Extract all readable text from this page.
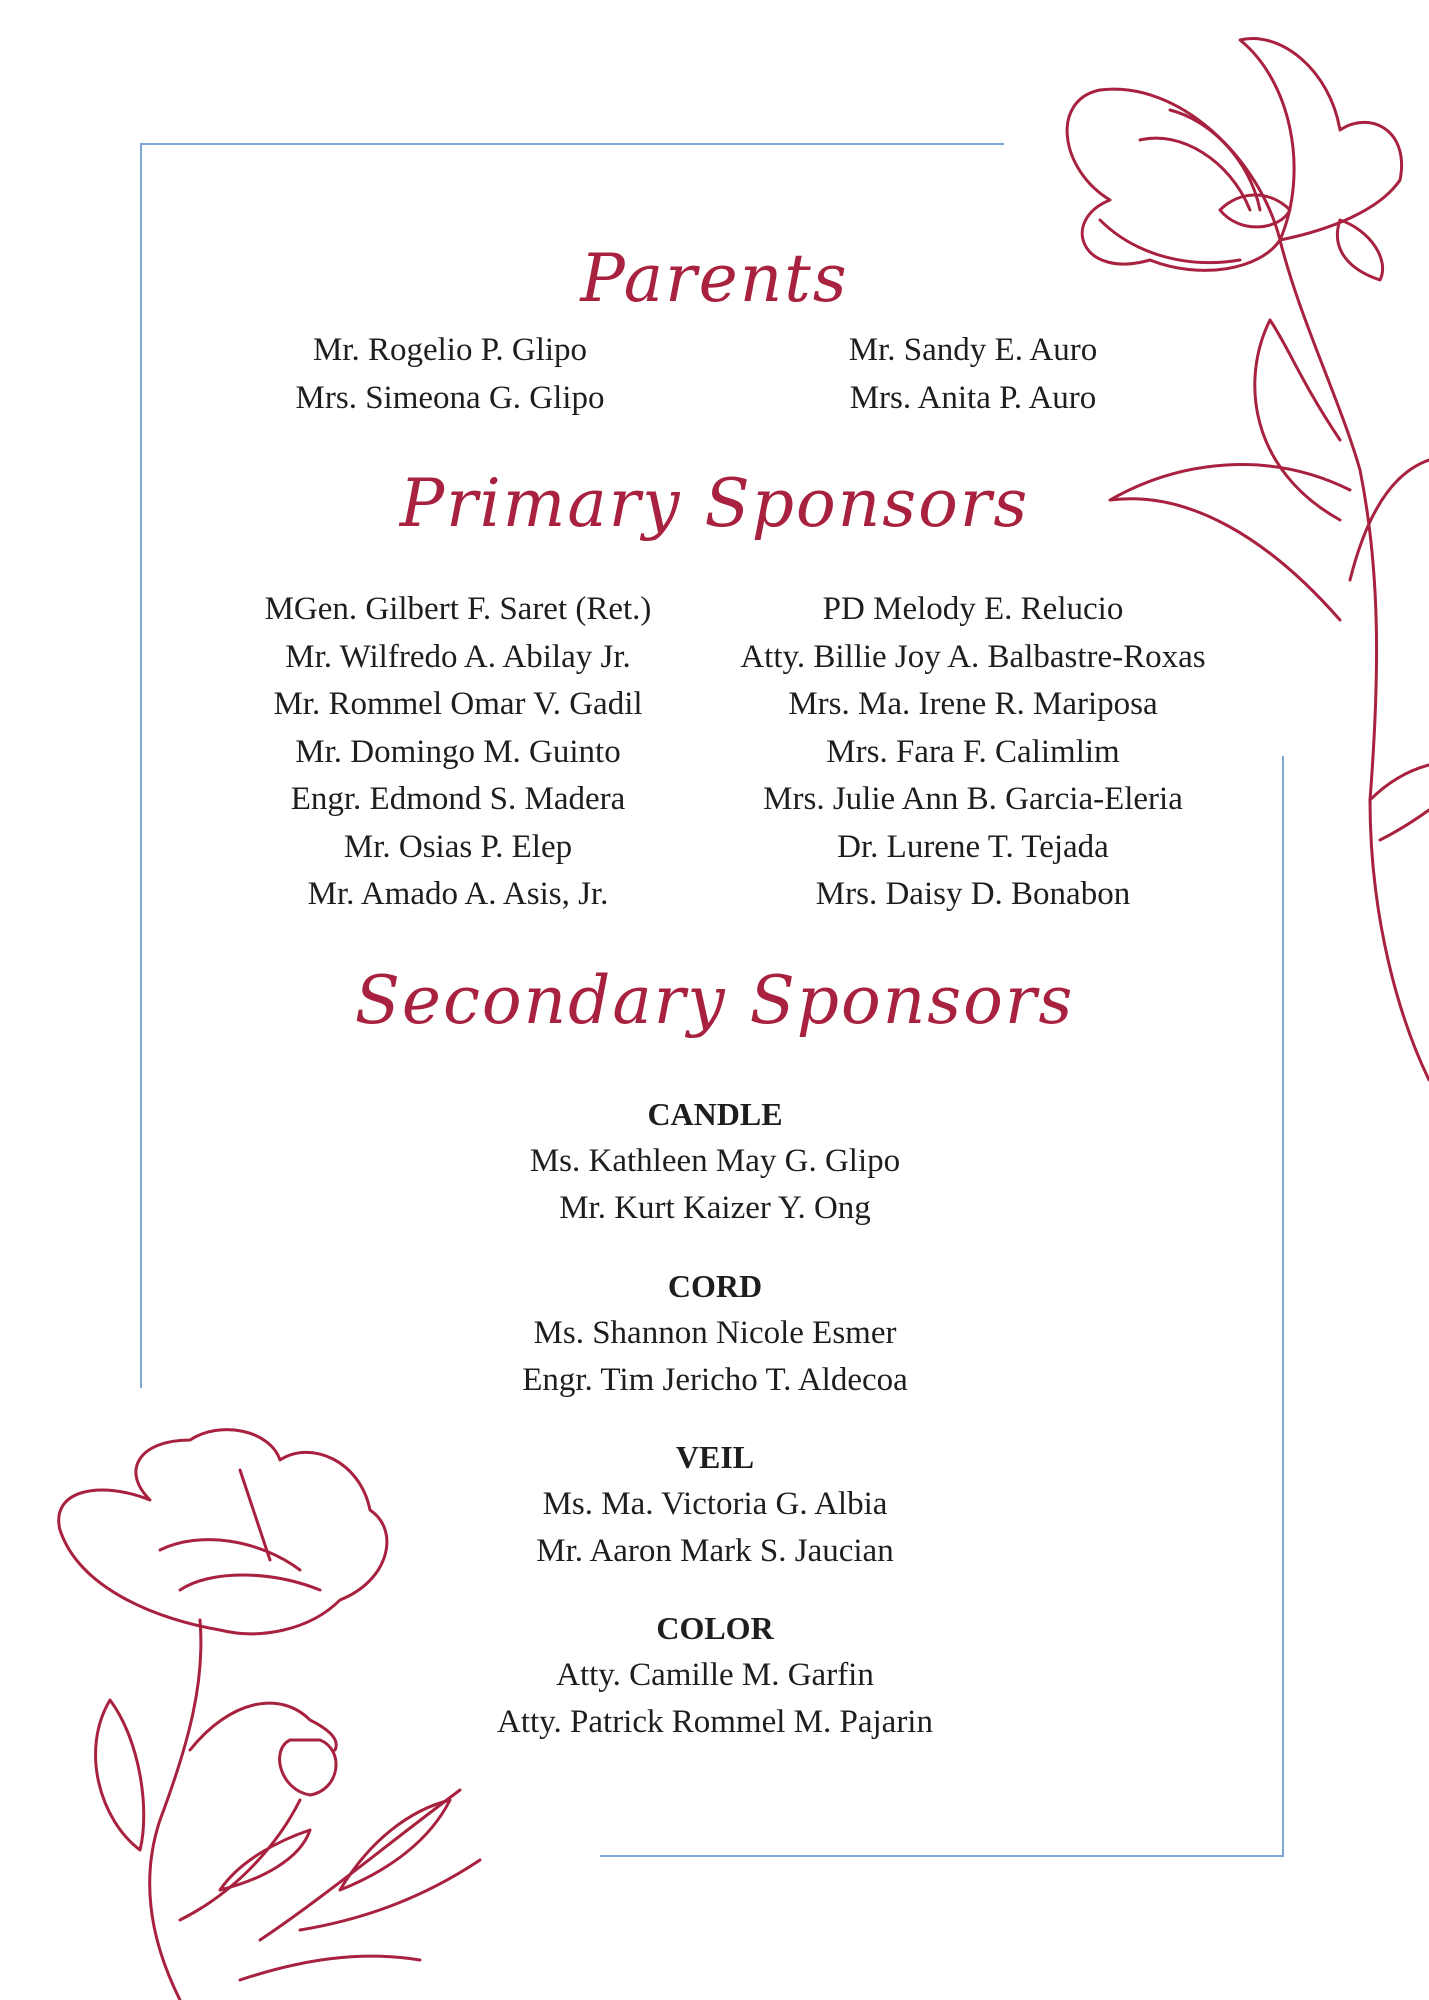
Parents
Mr. Rogelio P. Glipo
Mrs. Simeona G. Glipo
Mr. Sandy E. Auro
Mrs. Anita P. Auro
Primary Sponsors
MGen. Gilbert F. Saret (Ret.)
Mr. Wilfredo A. Abilay Jr.
Mr. Rommel Omar V. Gadil
Mr. Domingo M. Guinto
Engr. Edmond S. Madera
Mr. Osias P. Elep
Mr. Amado A. Asis, Jr.
PD Melody E. Relucio
Atty. Billie Joy A. Balbastre-Roxas
Mrs. Ma. Irene R. Mariposa
Mrs. Fara F. Calimlim
Mrs. Julie Ann B. Garcia-Eleria
Dr. Lurene T. Tejada
Mrs. Daisy D. Bonabon
Secondary Sponsors
CANDLE
Ms. Kathleen May G. Glipo
Mr. Kurt Kaizer Y. Ong
CORD
Ms. Shannon Nicole Esmer
Engr. Tim Jericho T. Aldecoa
VEIL
Ms. Ma. Victoria G. Albia
Mr. Aaron Mark S. Jaucian
COLOR
Atty. Camille M. Garfin
Atty. Patrick Rommel M. Pajarin
